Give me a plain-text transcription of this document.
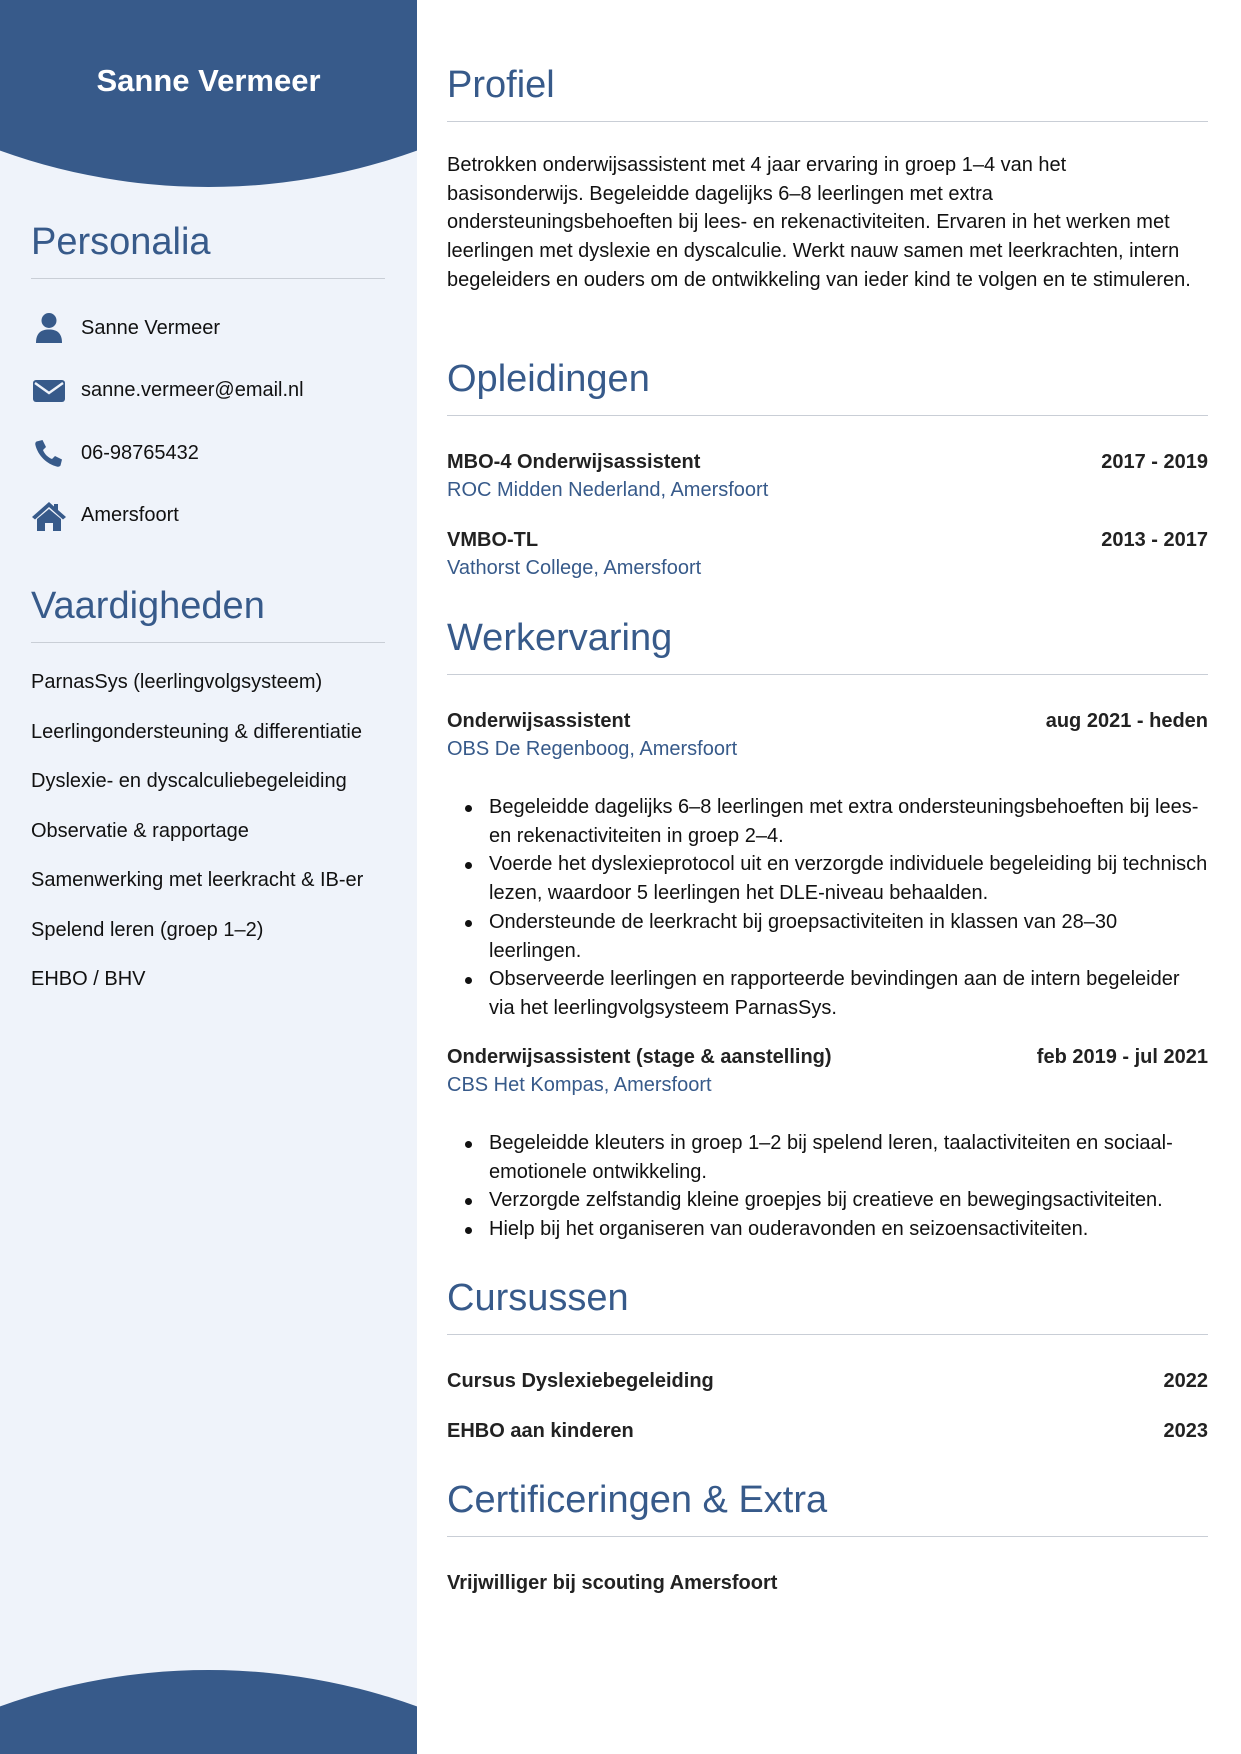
Sanne Vermeer
Personalia
Sanne Vermeer
sanne.vermeer@email.nl
06-98765432
Amersfoort
Vaardigheden
ParnasSys (leerlingvolgsysteem)
Leerlingondersteuning & differentiatie
Dyslexie- en dyscalculiebegeleiding
Observatie & rapportage
Samenwerking met leerkracht & IB-er
Spelend leren (groep 1–2)
EHBO / BHV
Profiel

Betrokken onderwijsassistent met 4 jaar ervaring in groep 1–4 van het basisonderwijs. Begeleidde dagelijks 6–8 leerlingen met extra ondersteuningsbehoeften bij lees- en rekenactiviteiten. Ervaren in het werken met leerlingen met dyslexie en dyscalculie. Werkt nauw samen met leerkrachten, intern begeleiders en ouders om de ontwikkeling van ieder kind te volgen en te stimuleren.

Opleidingen
MBO-4 Onderwijsassistent	2017 - 2019
ROC Midden Nederland, Amersfoort
VMBO-TL	2013 - 2017
Vathorst College, Amersfoort
Werkervaring
Onderwijsassistent	aug 2021 - heden
OBS De Regenboog, Amersfoort
Begeleidde dagelijks 6–8 leerlingen met extra ondersteuningsbehoeften bij lees- en rekenactiviteiten in groep 2–4.
Voerde het dyslexieprotocol uit en verzorgde individuele begeleiding bij technisch lezen, waardoor 5 leerlingen het DLE-niveau behaalden.
Ondersteunde de leerkracht bij groepsactiviteiten in klassen van 28–30 leerlingen.
Observeerde leerlingen en rapporteerde bevindingen aan de intern begeleider via het leerlingvolgsysteem ParnasSys.
Onderwijsassistent (stage & aanstelling)	feb 2019 - jul 2021
CBS Het Kompas, Amersfoort
Begeleidde kleuters in groep 1–2 bij spelend leren, taalactiviteiten en sociaal-emotionele ontwikkeling.
Verzorgde zelfstandig kleine groepjes bij creatieve en bewegingsactiviteiten.
Hielp bij het organiseren van ouderavonden en seizoensactiviteiten.
Cursussen
Cursus Dyslexiebegeleiding	2022
EHBO aan kinderen	2023
Certificeringen & Extra
Vrijwilliger bij scouting Amersfoort
